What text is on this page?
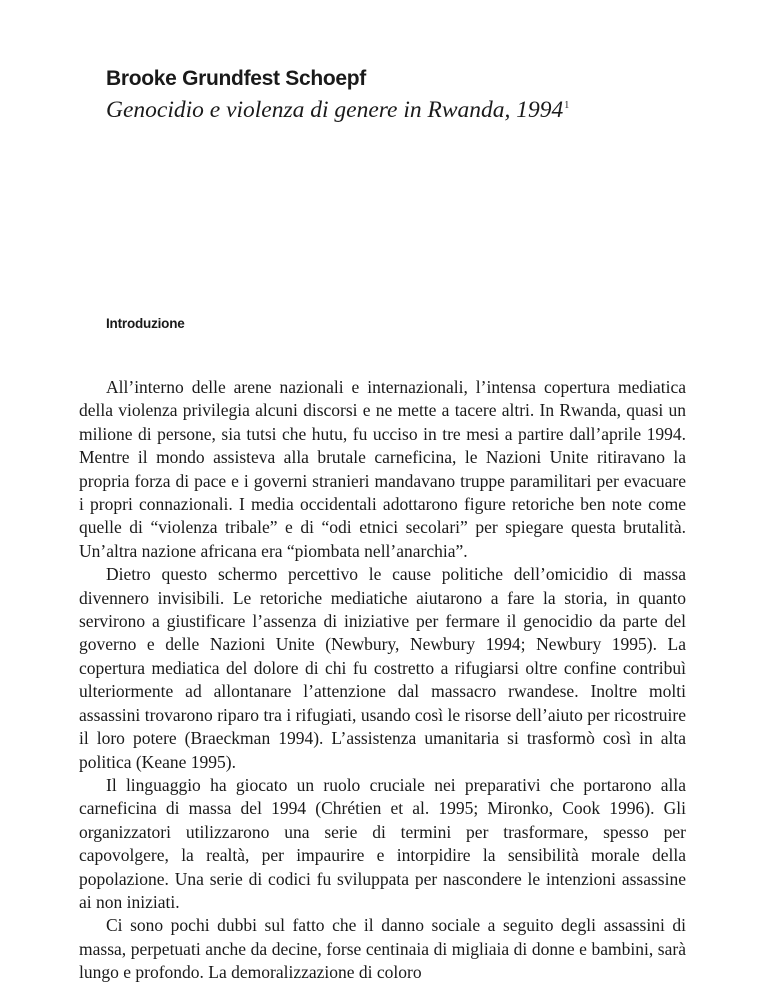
Brooke Grundfest Schoepf
Genocidio e violenza di genere in Rwanda, 1994$^1$
Introduzione

All’interno delle arene nazionali e internazionali, l’intensa copertura mediatica della violenza privilegia alcuni discorsi e ne mette a tacere altri. In Rwanda, quasi un milione di persone, sia tutsi che hutu, fu ucciso in tre mesi a partire dall’aprile 1994. Mentre il mondo assisteva alla brutale carneficina, le Nazioni Unite ritiravano la propria forza di pace e i governi stranieri mandavano truppe paramilitari per evacuare i propri connazionali. I media occidentali adottarono figure retoriche ben note come quelle di “violenza tribale” e di “odi etnici secolari” per spiegare questa brutalità. Un’altra nazione africana era “piombata nell’anarchia”.

Dietro questo schermo percettivo le cause politiche dell’omicidio di massa divennero invisibili. Le retoriche mediatiche aiutarono a fare la storia, in quanto servirono a giustificare l’assenza di iniziative per fermare il genocidio da parte del governo e delle Nazioni Unite (Newbury, Newbury 1994; Newbury 1995). La copertura mediatica del dolore di chi fu costretto a rifugiarsi oltre confine contribuì ulteriormente ad allontanare l’attenzione dal massacro rwandese. Inoltre molti assassini trovarono riparo tra i rifugiati, usando così le risorse dell’aiuto per ricostruire il loro potere (Braeckman 1994). L’assistenza umanitaria si trasformò così in alta politica (Keane 1995).

Il linguaggio ha giocato un ruolo cruciale nei preparativi che portarono alla carneficina di massa del 1994 (Chrétien et al. 1995; Mironko, Cook 1996). Gli organizzatori utilizzarono una serie di termini per trasformare, spesso per capovolgere, la realtà, per impaurire e intorpidire la sensibilità morale della popolazione. Una serie di codici fu sviluppata per nascondere le intenzioni assassine ai non iniziati.

Ci sono pochi dubbi sul fatto che il danno sociale a seguito degli assassini di massa, perpetuati anche da decine, forse centinaia di migliaia di donne e bambini, sarà lungo e profondo. La demoralizzazione di coloro
